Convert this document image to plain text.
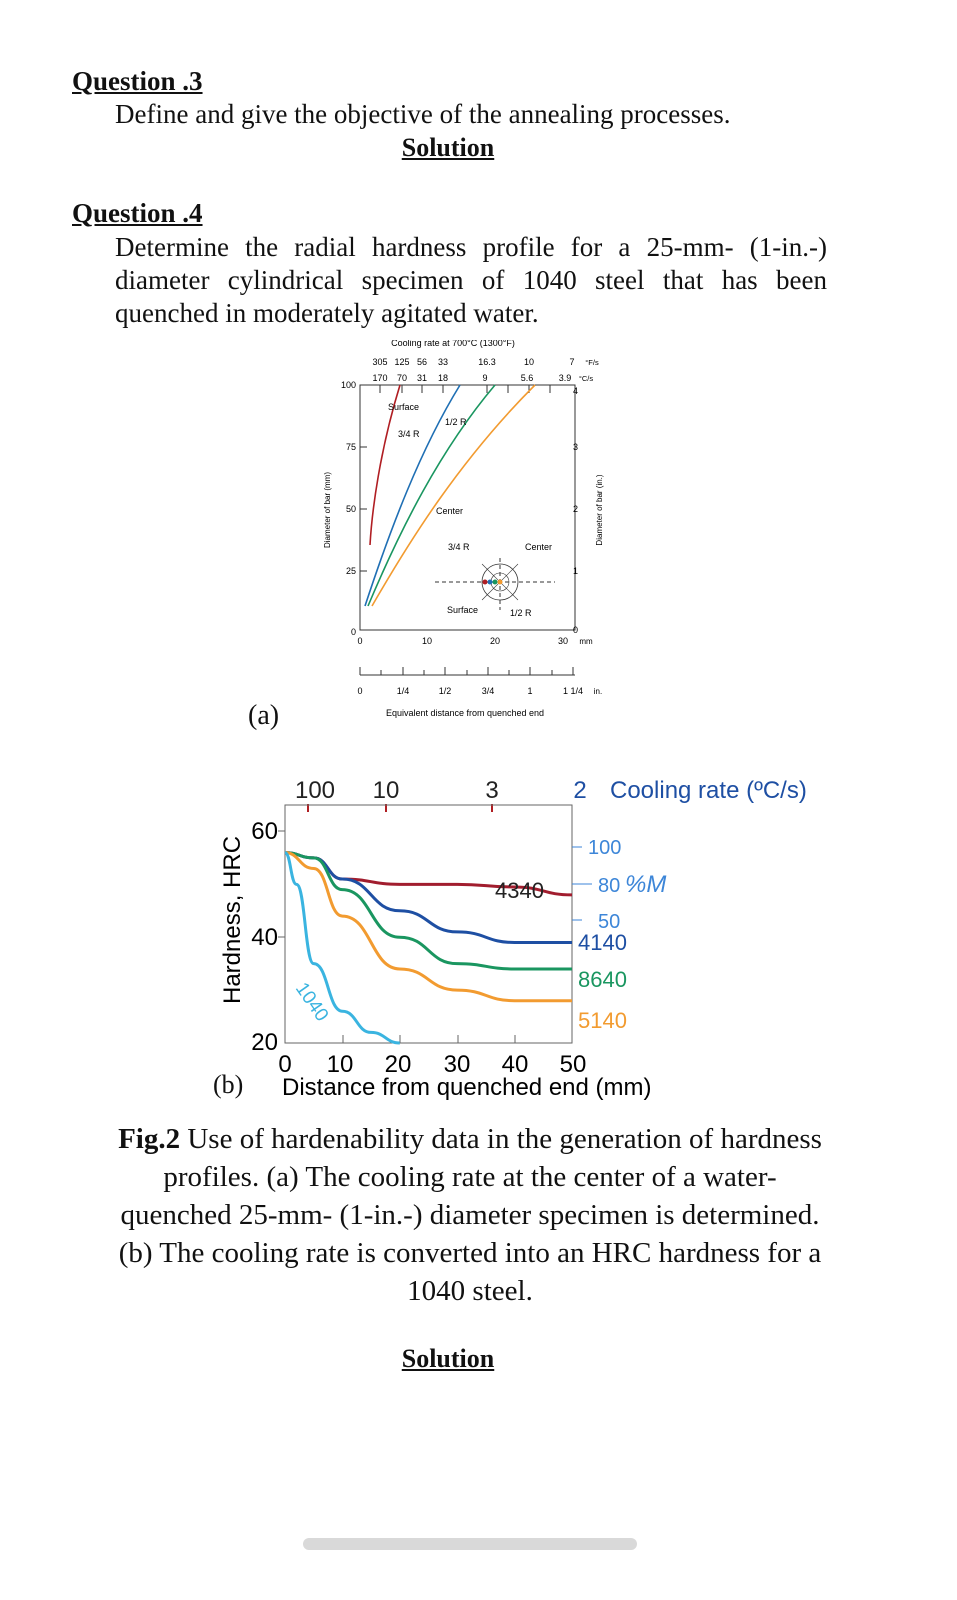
Question .3
Define and give the objective of the annealing processes.
Solution
Question .4
Determine the radial hardness profile for a 25-mm- (1-in.-) diameter cylindrical specimen of 1040 steel that has been quenched in moderately agitated water.
Cooling rate at 700°C (1300°F)
305 125 56 33	16.3	10	7 °F/s
170 70 31 18	9	5.6	3.9 °C/s
Diameter of bar (mm)
100
75
50
25
0
Diameter of bar (in.)
4
3
2
1
0
Surface
3/4 R
1/2 R
Center
3/4 R	Center
Surface	1/2 R
0	10	20	30 mm
0	1/4	1/2	3/4	1	1 1/4 in.
Equivalent distance from quenched end
(a)
Cooling rate (ºC/s)
100 10	3	2
Hardness, HRC
60
40
20
0 10 20 30 40 50
Distance from quenched end (mm)
100
80 %M
50
4340
4140
8640
5140
1040
(b)
Fig.2 Use of hardenability data in the generation of hardness profiles. (a) The cooling rate at the center of a water-quenched 25-mm- (1-in.-) diameter specimen is determined. (b) The cooling rate is converted into an HRC hardness for a 1040 steel.
Solution
